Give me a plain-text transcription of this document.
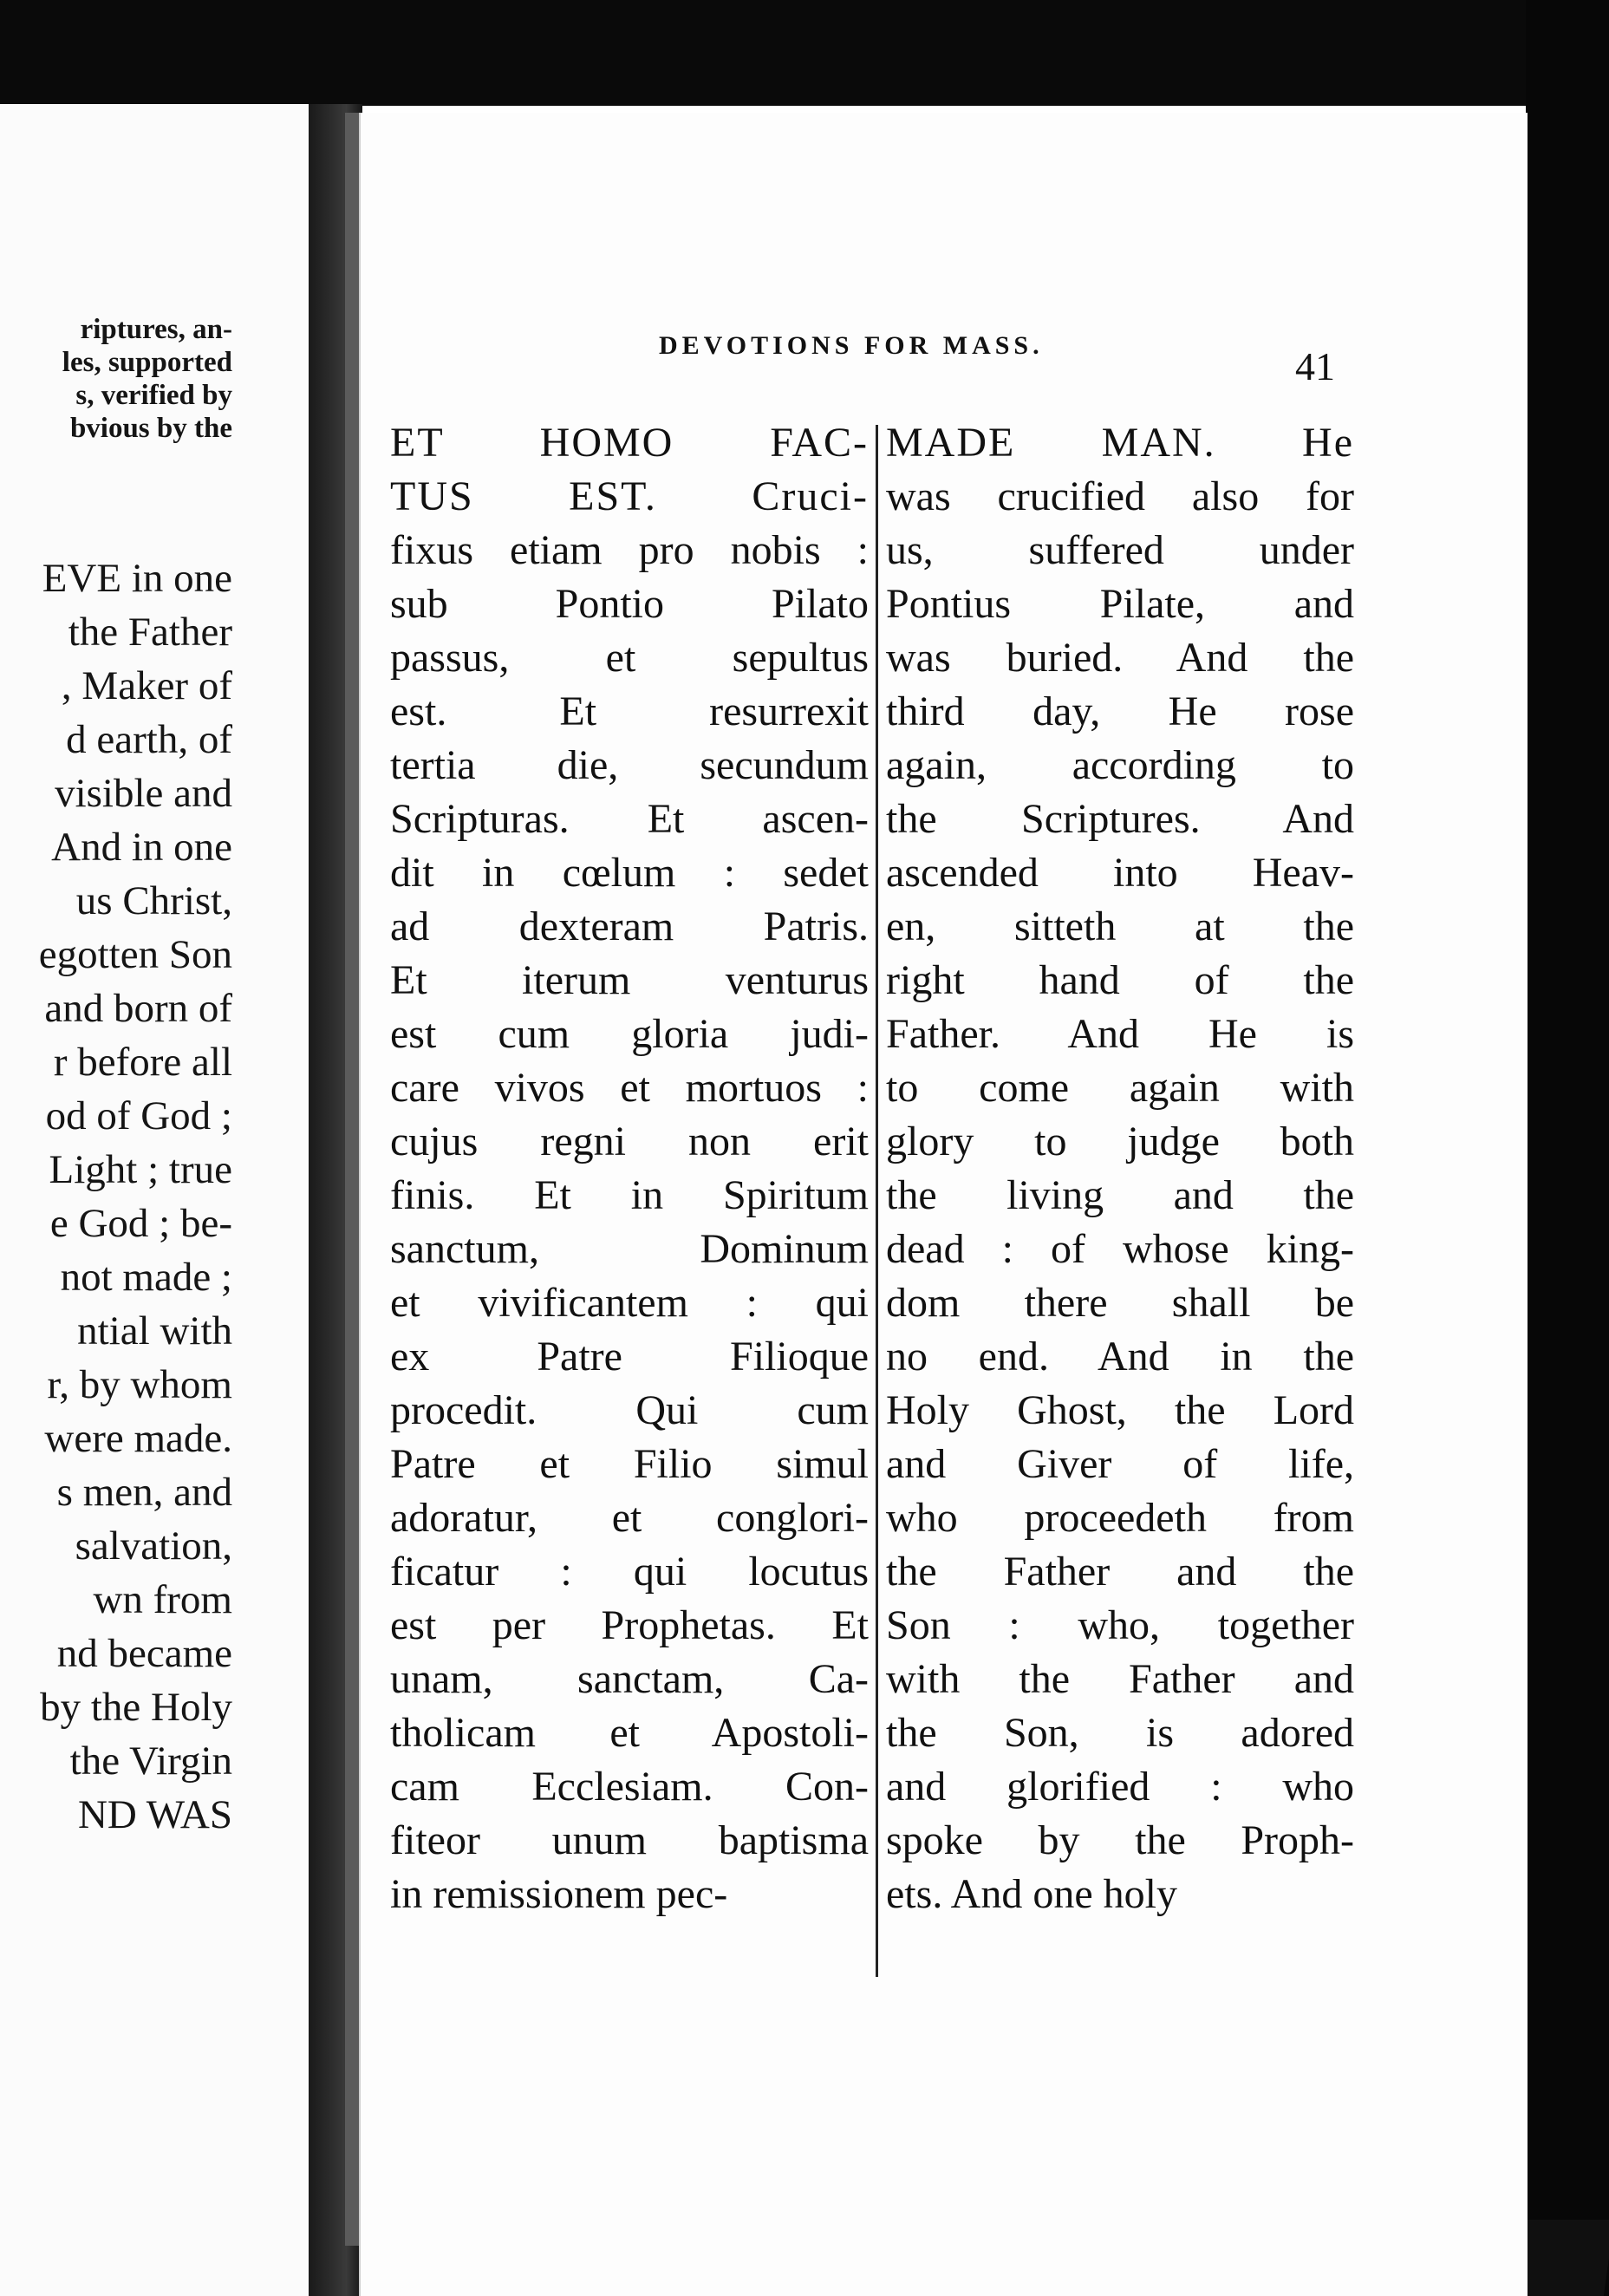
riptures, an-
les, supported
s, verified by
bvious by the
EVE in one
the Father
, Maker of
d earth, of
visible and
And in one
us Christ,
egotten Son
and born of
r before all
od of God ;
Light ; true
e God ; be-
not made ;
ntial with
r, by whom
were made.
s men, and
salvation,
wn from
nd became
by the Holy
the Virgin
ND WAS
DEVOTIONS FOR MASS.	41
ET HOMO FAC-
TUS EST. Cruci-
fixus etiam pro nobis :
sub Pontio Pilato
passus, et sepultus
est. Et resurrexit
tertia die, secundum
Scripturas. Et ascen-
dit in cœlum : sedet
ad dexteram Patris.
Et iterum venturus
est cum gloria judi-
care vivos et mortuos :
cujus regni non erit
finis. Et in Spiritum
sanctum, Dominum
et vivificantem : qui
ex Patre Filioque
procedit. Qui cum
Patre et Filio simul
adoratur, et conglori-
ficatur : qui locutus
est per Prophetas. Et
unam, sanctam, Ca-
tholicam et Apostoli-
cam Ecclesiam. Con-
fiteor unum baptisma
in remissionem pec-
MADE MAN. He
was crucified also for
us, suffered under
Pontius Pilate, and
was buried. And the
third day, He rose
again, according to
the Scriptures. And
ascended into Heav-
en, sitteth at the
right hand of the
Father. And He is
to come again with
glory to judge both
the living and the
dead : of whose king-
dom there shall be
no end. And in the
Holy Ghost, the Lord
and Giver of life,
who proceedeth from
the Father and the
Son : who, together
with the Father and
the Son, is adored
and glorified : who
spoke by the Proph-
ets. And one holy
